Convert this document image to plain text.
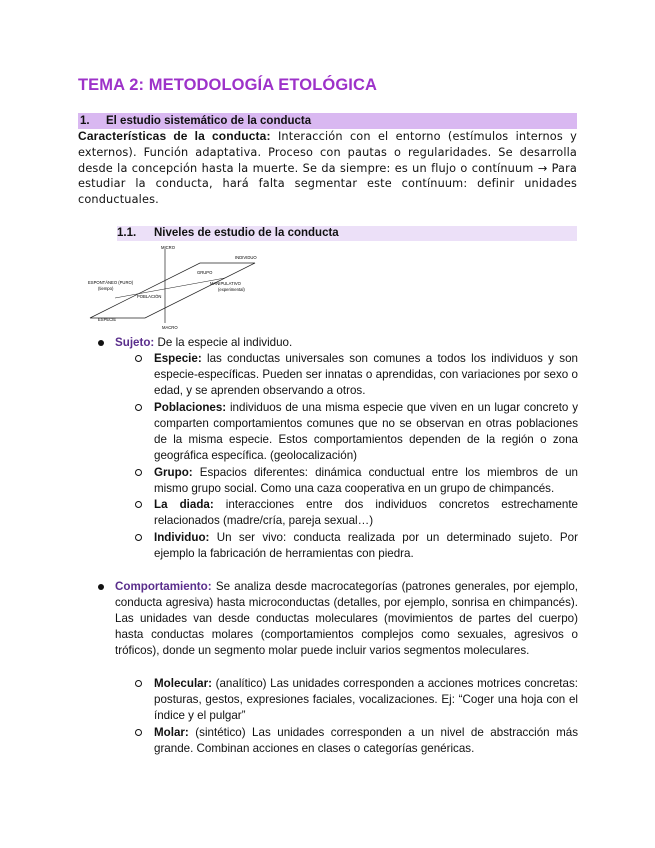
TEMA 2: METODOLOGÍA ETOLÓGICA
1. El estudio sistemático de la conducta

Características de la conducta: Interacción con el entorno (estímulos internos y externos). Función adaptativa. Proceso con pautas o regularidades. Se desarrolla desde la concepción hasta la muerte. Se da siempre: es un flujo o contínuum → Para estudiar la conducta, hará falta segmentar este contínuum: definir unidades conductuales.

1.1. Niveles de estudio de la conducta
MICRO
INDIVIDUO
GRUPO
ESPONTÁNEO (PURO)
(tiempo)
POBLACIÓN
MANIPULATIVO
(experimental)
ESPECIE
MACRO
Sujeto: De la especie al individuo.
Especie: las conductas universales son comunes a todos los individuos y son especie-específicas. Pueden ser innatas o aprendidas, con variaciones por sexo o edad, y se aprenden observando a otros.
Poblaciones: individuos de una misma especie que viven en un lugar concreto y comparten comportamientos comunes que no se observan en otras poblaciones de la misma especie. Estos comportamientos dependen de la región o zona geográfica específica. (geolocalización)
Grupo: Espacios diferentes: dinámica conductual entre los miembros de un mismo grupo social. Como una caza cooperativa en un grupo de chimpancés.
La diada: interacciones entre dos individuos concretos estrechamente relacionados (madre/cría, pareja sexual…)
Individuo: Un ser vivo: conducta realizada por un determinado sujeto. Por ejemplo la fabricación de herramientas con piedra.
Comportamiento: Se analiza desde macrocategorías (patrones generales, por ejemplo, conducta agresiva) hasta microconductas (detalles, por ejemplo, sonrisa en chimpancés). Las unidades van desde conductas moleculares (movimientos de partes del cuerpo) hasta conductas molares (comportamientos complejos como sexuales, agresivos o tróficos), donde un segmento molar puede incluir varios segmentos moleculares.
Molecular: (analítico) Las unidades corresponden a acciones motrices concretas: posturas, gestos, expresiones faciales, vocalizaciones. Ej: “Coger una hoja con el índice y el pulgar”
Molar: (sintético) Las unidades corresponden a un nivel de abstracción más grande. Combinan acciones en clases o categorías genéricas.
